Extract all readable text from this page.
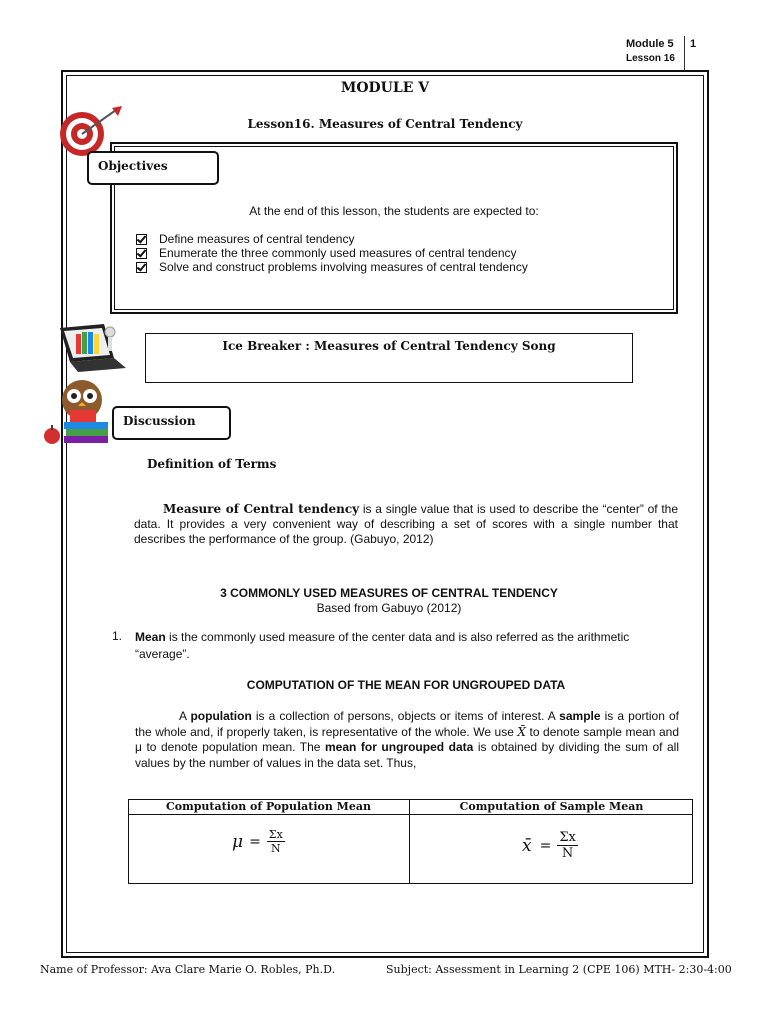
Module 5
Lesson 16
1
MODULE V
Lesson16. Measures of Central Tendency
Objectives
At the end of this lesson, the students are expected to:
Define measures of central tendency
Enumerate the three commonly used measures of central tendency
Solve and construct problems involving measures of central tendency
Ice Breaker : Measures of Central Tendency Song
Discussion
Definition of Terms
Measure of Central tendency is a single value that is used to describe the “center” of the data. It provides a very convenient way of describing a set of scores with a single number that describes the performance of the group. (Gabuyo, 2012)
3 COMMONLY USED MEASURES OF CENTRAL TENDENCY
Based from Gabuyo (2012)
1. Mean is the commonly used measure of the center data and is also referred as the arithmetic “average”.
COMPUTATION OF THE MEAN FOR UNGROUPED DATA
A population is a collection of persons, objects or items of interest. A sample is a portion of the whole and, if properly taken, is representative of the whole. We use X̄ to denote sample mean and μ to denote population mean. The mean for ungrouped data is obtained by dividing the sum of all values by the number of values in the data set. Thus,
Computation of Population Mean	Computation of Sample Mean
$\mu = \frac{\Sigma x}{N}$	x̄ = $\frac{\Sigma x}{N}$
Name of Professor: Ava Clare Marie O. Robles, Ph.D.	Subject: Assessment in Learning 2 (CPE 106) MTH- 2:30-4:00
